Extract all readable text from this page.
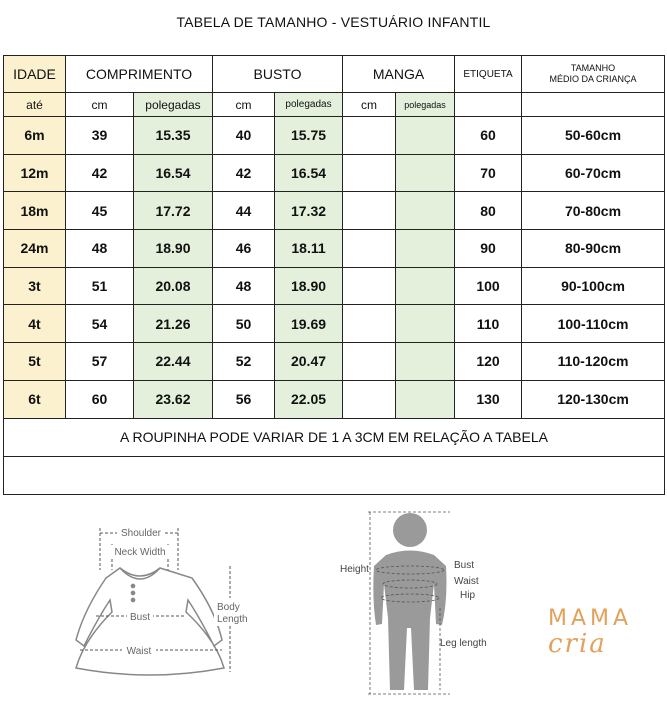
TABELA DE TAMANHO - VESTUÁRIO INFANTIL
IDADE	COMPRIMENTO		BUSTO		MANGA		ETIQUETA	TAMANHO
MÉDIO DA CRIANÇA
até	cm	polegadas	cm	polegadas	cm	polegadas		
6m	39	15.35	40	15.75			60	50-60cm
12m	42	16.54	42	16.54			70	60-70cm
18m	45	17.72	44	17.32			80	70-80cm
24m	48	18.90	46	18.11			90	80-90cm
3t	51	20.08	48	18.90			100	90-100cm
4t	54	21.26	50	19.69			110	100-110cm
5t	57	22.44	52	20.47			120	110-120cm
6t	60	23.62	56	22.05			130	120-130cm
A ROUPINHA PODE VARIAR DE 1 A 3CM EM RELAÇÃO A TABELA								

Shoulder
Neck Width
Bust
Waist
Body
Length
Height	Bust
Waist
Hip
Leg length
MAMA
cria
